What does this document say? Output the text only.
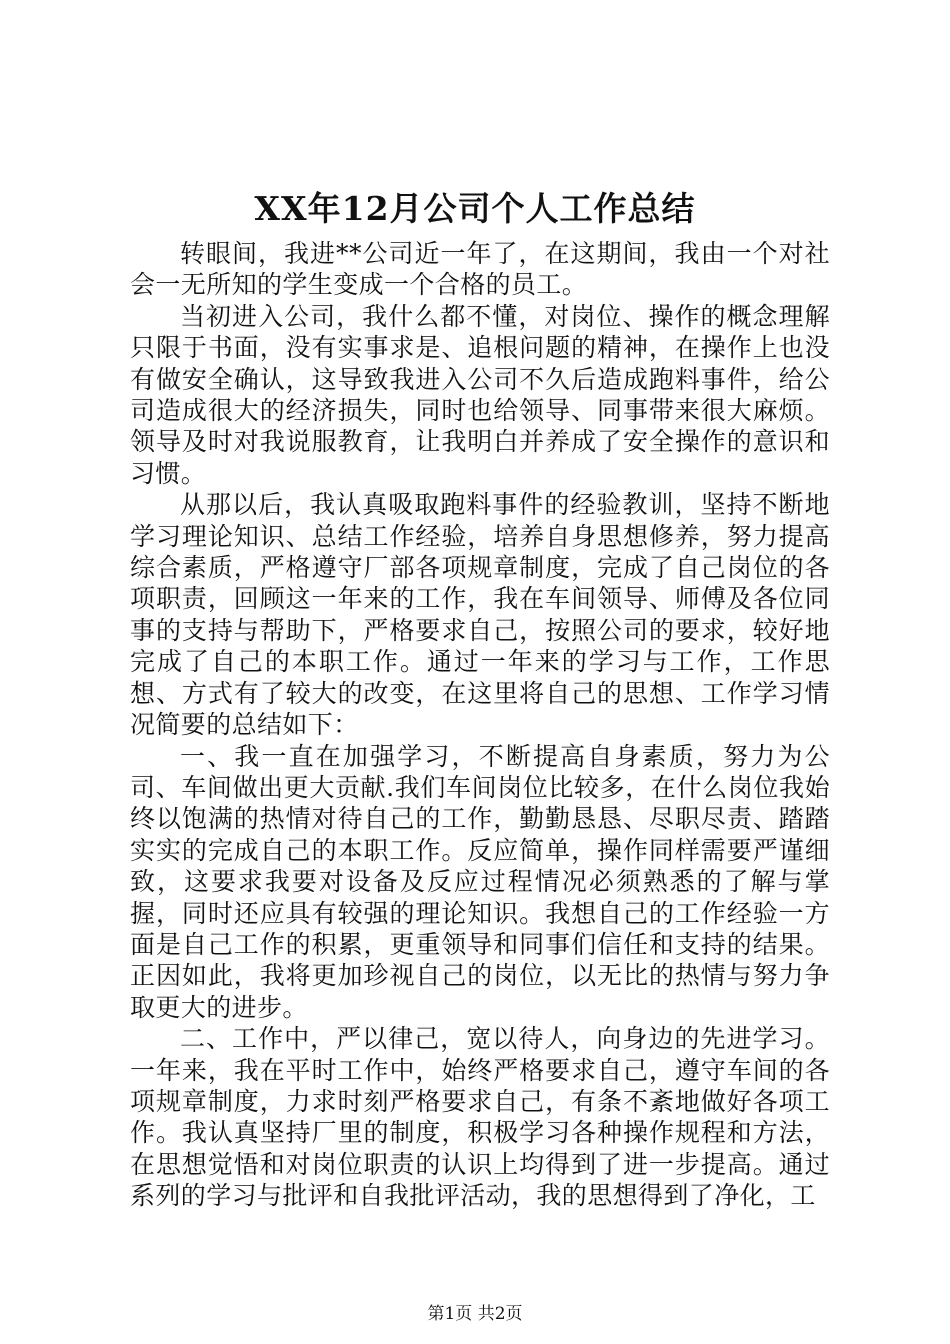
XX年12月公司个人工作总结

转眼间，我进**公司近一年了，在这期间，我由一个对社会一无所知的学生变成一个合格的员工。

当初进入公司，我什么都不懂，对岗位、操作的概念理解只限于书面，没有实事求是、追根问题的精神，在操作上也没有做安全确认，这导致我进入公司不久后造成跑料事件，给公司造成很大的经济损失，同时也给领导、同事带来很大麻烦。领导及时对我说服教育，让我明白并养成了安全操作的意识和习惯。

从那以后，我认真吸取跑料事件的经验教训，坚持不断地学习理论知识、总结工作经验，培养自身思想修养，努力提高综合素质，严格遵守厂部各项规章制度，完成了自己岗位的各项职责，回顾这一年来的工作，我在车间领导、师傅及各位同事的支持与帮助下，严格要求自己，按照公司的要求，较好地完成了自己的本职工作。通过一年来的学习与工作，工作思想、方式有了较大的改变，在这里将自己的思想、工作学习情况简要的总结如下：

一、我一直在加强学习，不断提高自身素质，努力为公司、车间做出更大贡献.我们车间岗位比较多，在什么岗位我始终以饱满的热情对待自己的工作，勤勤恳恳、尽职尽责、踏踏实实的完成自己的本职工作。反应简单，操作同样需要严谨细致，这要求我要对设备及反应过程情况必须熟悉的了解与掌握，同时还应具有较强的理论知识。我想自己的工作经验一方面是自己工作的积累，更重领导和同事们信任和支持的结果。正因如此，我将更加珍视自己的岗位，以无比的热情与努力争取更大的进步。

二、工作中，严以律己，宽以待人，向身边的先进学习。一年来，我在平时工作中，始终严格要求自己，遵守车间的各项规章制度，力求时刻严格要求自己，有条不紊地做好各项工作。我认真坚持厂里的制度，积极学习各种操作规程和方法，在思想觉悟和对岗位职责的认识上均得到了进一步提高。通过系列的学习与批评和自我批评活动，我的思想得到了净化，工

第1页 共2页
